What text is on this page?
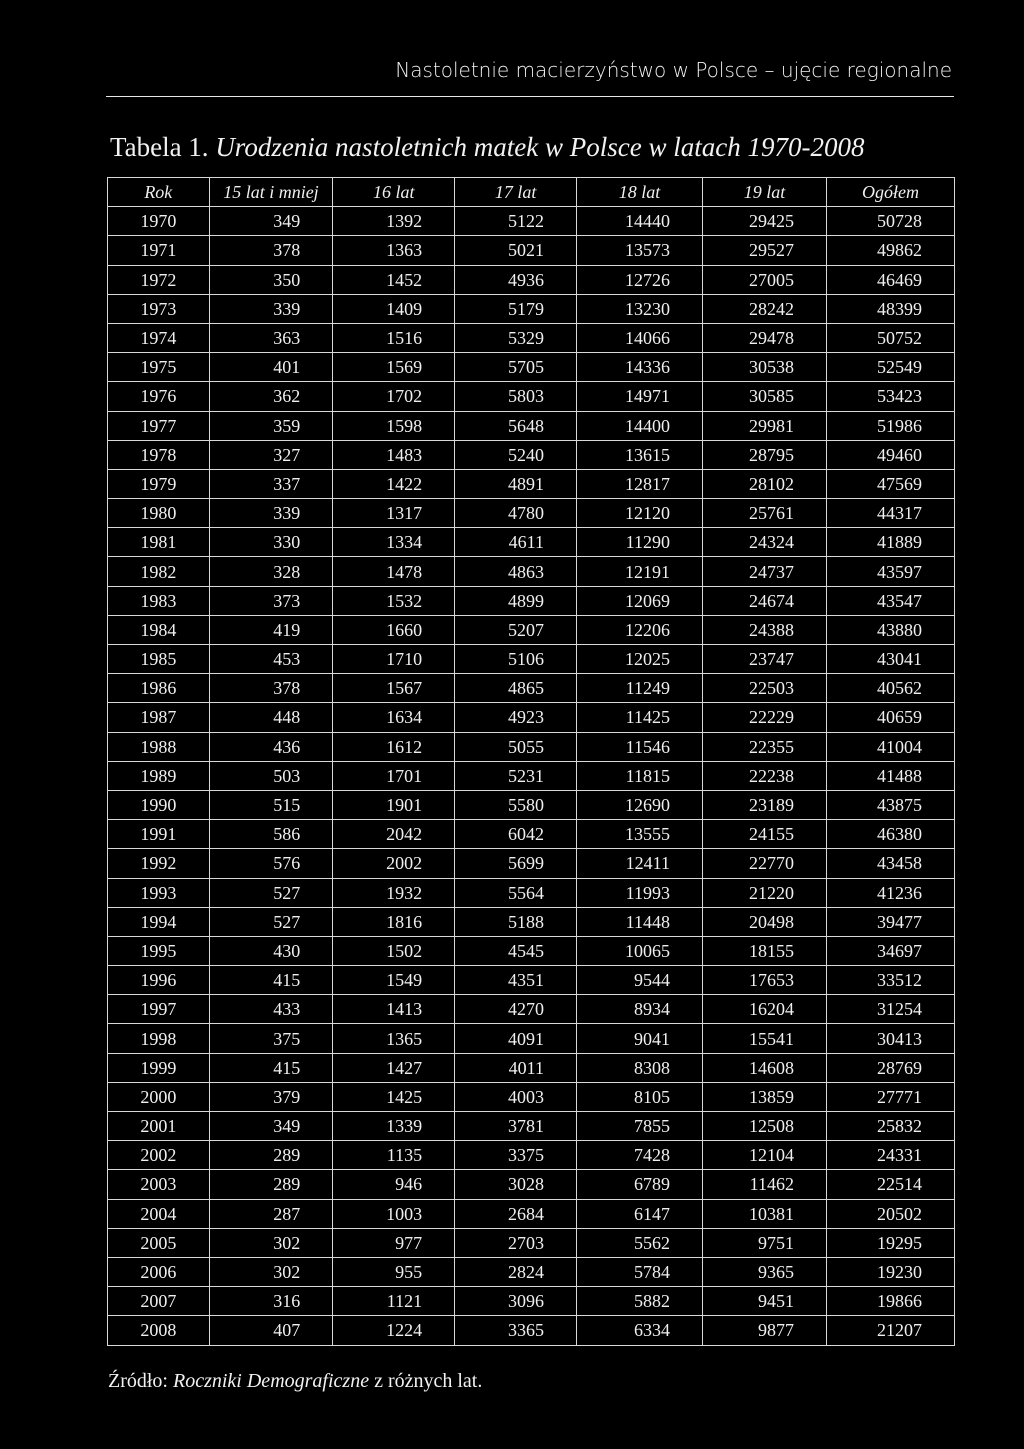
Nastoletnie macierzyństwo w Polsce – ujęcie regionalne
Tabela 1. Urodzenia nastoletnich matek w Polsce w latach 1970-2008
Rok	15 lat i mniej	16 lat	17 lat	18 lat	19 lat	Ogółem
1970	349	1392	5122	14440	29425	50728
1971	378	1363	5021	13573	29527	49862
1972	350	1452	4936	12726	27005	46469
1973	339	1409	5179	13230	28242	48399
1974	363	1516	5329	14066	29478	50752
1975	401	1569	5705	14336	30538	52549
1976	362	1702	5803	14971	30585	53423
1977	359	1598	5648	14400	29981	51986
1978	327	1483	5240	13615	28795	49460
1979	337	1422	4891	12817	28102	47569
1980	339	1317	4780	12120	25761	44317
1981	330	1334	4611	11290	24324	41889
1982	328	1478	4863	12191	24737	43597
1983	373	1532	4899	12069	24674	43547
1984	419	1660	5207	12206	24388	43880
1985	453	1710	5106	12025	23747	43041
1986	378	1567	4865	11249	22503	40562
1987	448	1634	4923	11425	22229	40659
1988	436	1612	5055	11546	22355	41004
1989	503	1701	5231	11815	22238	41488
1990	515	1901	5580	12690	23189	43875
1991	586	2042	6042	13555	24155	46380
1992	576	2002	5699	12411	22770	43458
1993	527	1932	5564	11993	21220	41236
1994	527	1816	5188	11448	20498	39477
1995	430	1502	4545	10065	18155	34697
1996	415	1549	4351	9544	17653	33512
1997	433	1413	4270	8934	16204	31254
1998	375	1365	4091	9041	15541	30413
1999	415	1427	4011	8308	14608	28769
2000	379	1425	4003	8105	13859	27771
2001	349	1339	3781	7855	12508	25832
2002	289	1135	3375	7428	12104	24331
2003	289	946	3028	6789	11462	22514
2004	287	1003	2684	6147	10381	20502
2005	302	977	2703	5562	9751	19295
2006	302	955	2824	5784	9365	19230
2007	316	1121	3096	5882	9451	19866
2008	407	1224	3365	6334	9877	21207
Źródło: Roczniki Demograficzne z różnych lat.
